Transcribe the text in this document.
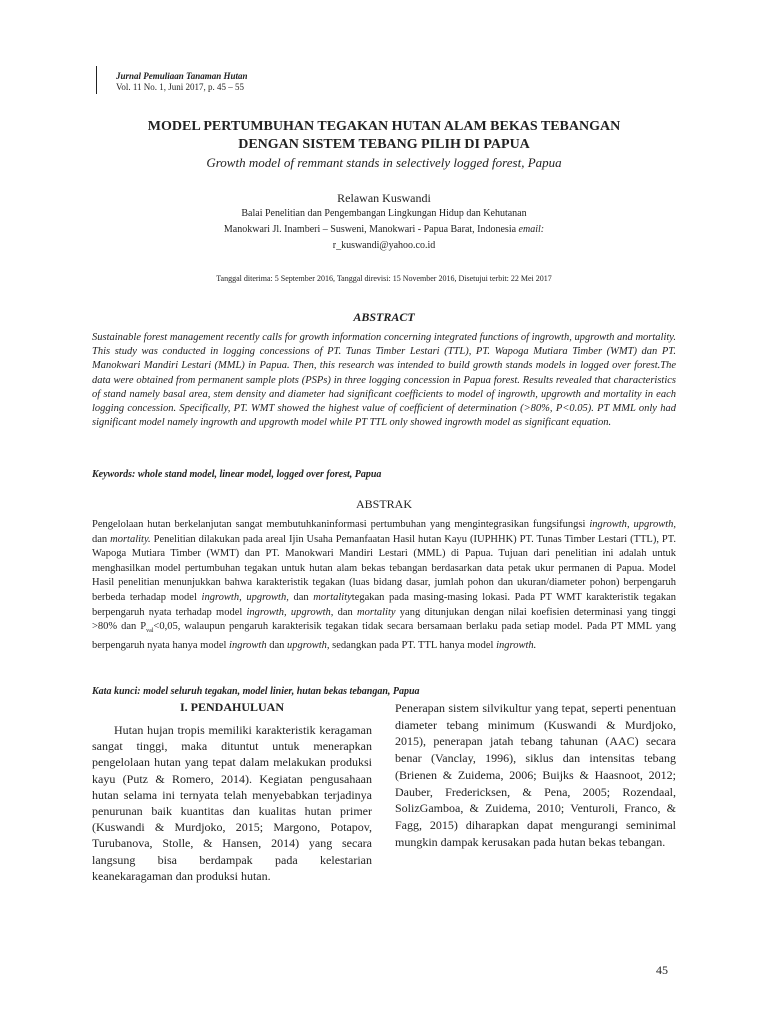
Jurnal Pemuliaan Tanaman Hutan
Vol. 11 No. 1, Juni 2017, p. 45 – 55
MODEL PERTUMBUHAN TEGAKAN HUTAN ALAM BEKAS TEBANGAN
DENGAN SISTEM TEBANG PILIH DI PAPUA
Growth model of remmant stands in selectively logged forest, Papua
Relawan Kuswandi
Balai Penelitian dan Pengembangan Lingkungan Hidup dan Kehutanan
Manokwari Jl. Inamberi – Susweni, Manokwari - Papua Barat, Indonesia email:
r_kuswandi@yahoo.co.id
Tanggal diterima: 5 September 2016, Tanggal direvisi: 15 November 2016, Disetujui terbit: 22 Mei 2017
ABSTRACT
Sustainable forest management recently calls for growth information concerning integrated functions of ingrowth, upgrowth and mortality. This study was conducted in logging concessions of PT. Tunas Timber Lestari (TTL), PT. Wapoga Mutiara Timber (WMT) dan PT. Manokwari Mandiri Lestari (MML) in Papua. Then, this research was intended to build growth stands models in logged over forest.The data were obtained from permanent sample plots (PSPs) in three logging concession in Papua forest. Results revealed that characteristics of stand namely basal area, stem density and diameter had significant coefficients to model of ingrowth, upgrowth and mortality in each logging concession. Specifically, PT. WMT showed the highest value of coefficient of determination (>80%, P<0.05). PT MML only had significant model namely ingrowth and upgrowth model while PT TTL only showed ingrowth model as significant equation.
Keywords: whole stand model, linear model, logged over forest, Papua
ABSTRAK
Pengelolaan hutan berkelanjutan sangat membutuhkaninformasi pertumbuhan yang mengintegrasikan fungsifungsi ingrowth, upgrowth, dan mortality. Penelitian dilakukan pada areal Ijin Usaha Pemanfaatan Hasil hutan Kayu (IUPHHK) PT. Tunas Timber Lestari (TTL), PT. Wapoga Mutiara Timber (WMT) dan PT. Manokwari Mandiri Lestari (MML) di Papua. Tujuan dari penelitian ini adalah untuk menghasilkan model pertumbuhan tegakan untuk hutan alam bekas tebangan berdasarkan data petak ukur permanen di Papua. Model Hasil penelitian menunjukkan bahwa karakteristik tegakan (luas bidang dasar, jumlah pohon dan ukuran/diameter pohon) berpengaruh berbeda terhadap model ingrowth, upgrowth, dan mortalitytegakan pada masing-masing lokasi. Pada PT WMT karakteristik tegakan berpengaruh nyata terhadap model ingrowth, upgrowth, dan mortality yang ditunjukan dengan nilai koefisien determinasi yang tinggi >80% dan $P_{val}<0,05$, walaupun pengaruh karakterisik tegakan tidak secara bersamaan berlaku pada setiap model. Pada PT MML yang berpengaruh nyata hanya model ingrowth dan upgrowth, sedangkan pada PT. TTL hanya model ingrowth.
Kata kunci: model seluruh tegakan, model linier, hutan bekas tebangan, Papua
I. PENDAHULUAN

Hutan hujan tropis memiliki karakteristik keragaman sangat tinggi, maka dituntut untuk menerapkan pengelolaan hutan yang tepat dalam melakukan produksi kayu (Putz & Romero, 2014). Kegiatan pengusahaan hutan selama ini ternyata telah menyebabkan terjadinya penurunan baik kuantitas dan kualitas hutan primer (Kuswandi & Murdjoko, 2015; Margono, Potapov, Turubanova, Stolle, & Hansen, 2014) yang secara langsung bisa berdampak pada kelestarian keanekaragaman dan produksi hutan.

Penerapan sistem silvikultur yang tepat, seperti penentuan diameter tebang minimum (Kuswandi & Murdjoko, 2015), penerapan jatah tebang tahunan (AAC) secara benar (Vanclay, 1996), siklus dan intensitas tebang (Brienen & Zuidema, 2006; Buijks & Haasnoot, 2012; Dauber, Fredericksen, & Pena, 2005; Rozendaal, SolizGamboa, & Zuidema, 2010; Venturoli, Franco, & Fagg, 2015) diharapkan dapat mengurangi seminimal mungkin dampak kerusakan pada hutan bekas tebangan.

45
